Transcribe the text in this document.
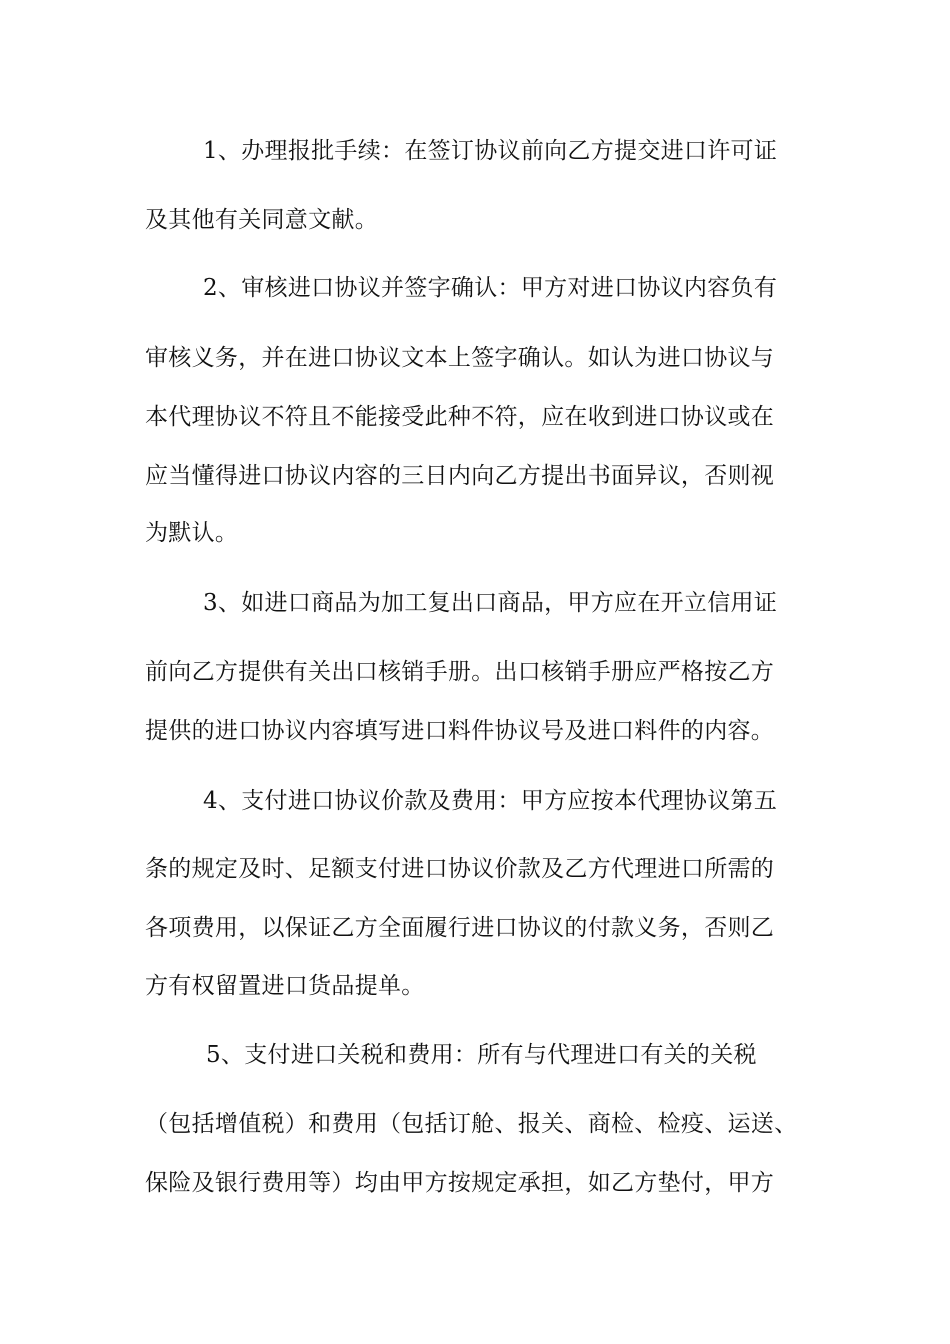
1、办理报批手续：在签订协议前向乙方提交进口许可证
及其他有关同意文献。
2、审核进口协议并签字确认：甲方对进口协议内容负有
审核义务，并在进口协议文本上签字确认。如认为进口协议与
本代理协议不符且不能接受此种不符，应在收到进口协议或在
应当懂得进口协议内容的三日内向乙方提出书面异议，否则视
为默认。
3、如进口商品为加工复出口商品，甲方应在开立信用证
前向乙方提供有关出口核销手册。出口核销手册应严格按乙方
提供的进口协议内容填写进口料件协议号及进口料件的内容。
4、支付进口协议价款及费用：甲方应按本代理协议第五
条的规定及时、足额支付进口协议价款及乙方代理进口所需的
各项费用，以保证乙方全面履行进口协议的付款义务，否则乙
方有权留置进口货品提单。
5、支付进口关税和费用：所有与代理进口有关的关税
（包括增值税）和费用（包括订舱、报关、商检、检疫、运送、
保险及银行费用等）均由甲方按规定承担，如乙方垫付，甲方
